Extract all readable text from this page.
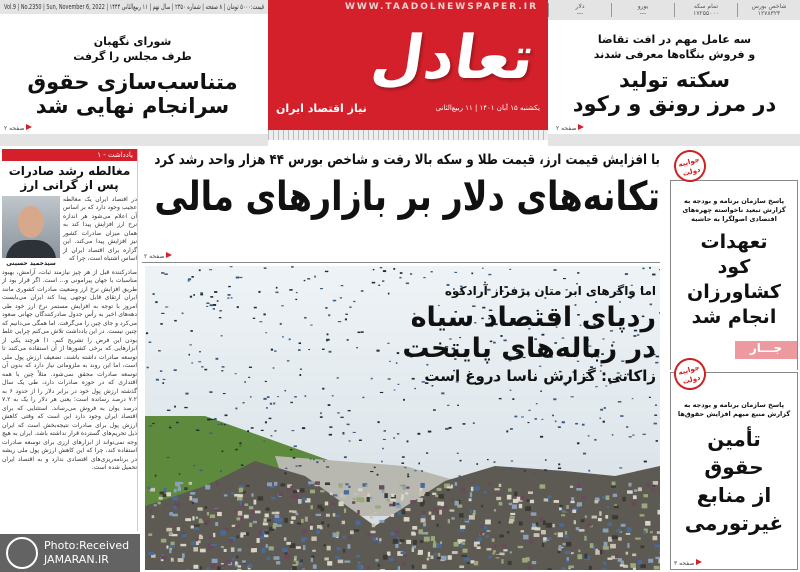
Vol.9 | No.2350 | Sun, November 6, 2022 | قیمت:۵۰۰۰ تومان | ۸ صفحه | شماره ۲۳۵۰ | سال نهم | ۱۱ ربیع‌الثانی ۱۴۴۴	WWW.TAADOLNEWSPAPER.IR
تعادل
نیاز اقتصاد ایران	یکشنبه ۱۵ آبان ۱۴۰۱ | ۱۱ ربیع‌الثانی
شاخص بورس
۱۲۷۸۳۲۴
تمام سکه
۱۷۲۵۵۰۰۰
یورو
---
دلار
---
شورای نگهبان
طرف مجلس را گرفت
متناسب‌سازی حقوق
سرانجام نهایی شد
صفحه ۲
سه عامل مهم در افت تقاضا
و فروش بنگاه‌ها معرفی شدند
سکته تولید
در مرز رونق و رکود
صفحه ۲
یادداشت - ۱
مغالطه رشد صادرات
پس از گرانی ارز
در اقتصاد ایران یک مغالطه عجیب وجود دارد که بر اساس آن اعلام می‌شود هر اندازه نرخ ارز افزایش پیدا کند به همان میزان صادرات کشور نیز افزایش پیدا می‌کند. این گزاره برای اقتصاد ایران از اساس اشتباه است، چرا که
سیدحمید حسینی
صادرکننده قبل از هر چیز نیازمند ثبات، آرامش، بهبود مناسبات با جهان پیرامونی و... است. اگر قرار بود از طریق افزایش نرخ ارز وضعیت صادرات کشوری مانند ایران ارتقای قابل توجهی پیدا کند ایران می‌بایست امروز با توجه به افزایش مستمر نرخ ارز خود طی دهه‌های اخیر به رأس جدول صادرکنندگان جهانی صعود می‌کرد و جای چین را می‌گرفت. اما همگی می‌دانیم که چنین نیست. در این یادداشت تلاش می‌کنم چرایی غلط بودن این فرض را تشریح کنم. ۱) هرچند یکی از ابزارهایی که برخی کشورها از آن استفاده می‌کنند تا توسعه صادرات داشته باشند، تضعیف ارزش پول ملی است، اما این روند به ملزوماتی نیاز دارد که بدون آن توسعه صادرات محقق نمی‌شود. مثلاً چین با همه اقتداری که در حوزه صادرات دارد، طی یک سال گذشته ارزش پول خود در برابر دلار را از حدود ۶ به ۷.۲ درصد رسانده است؛ یعنی هر دلار را یک به ۷.۲ درصد یوان به فروش می‌رساند. استثنایی که برای اقتصاد ایران وجود دارد این است که وقتی کاهش ارزش پول برای صادرات نتیجه‌بخش است که ایران ذیل تحریم‌های گسترده قرار نداشته باشد. ایران به هیچ وجه نمی‌تواند از ابزارهای ارزی برای توسعه صادرات استفاده کند، چرا که این کاهش ارزش پول ملی ریشه در برنامه‌ریزی‌های اقتصادی ندارد و به اقتصاد ایران تحمیل شده است.
Photo:Received
JAMARAN.IR
با افزایش قیمت ارز، قیمت طلا و سکه بالا رفت و شاخص بورس ۴۴ هزار واحد رشد کرد
تکانه‌های دلار بر بازارهای مالی
صفحه ۲
اما واگرهای ابر متان برفراز آرادکوه
ردپای اقتصاد سیاه
در زباله‌های پایتخت
زاکانی: گزارش ناسا دروغ است
پاسخ سازمان برنامه و بودجه به گزارش تبعید ناخواسته چهره‌های اقتصادی اصولگرا به حاشیه
تعهدات
کود
کشاورزان
انجام شد
جـــار
جوابیه دولت
پاسخ سازمان برنامه و بودجه به گزارش منبع مبهم افزایش حقوق‌ها
تأمین
حقوق
از منابع
غیرتورمی
صفحه ۳
جوابیه دولت
